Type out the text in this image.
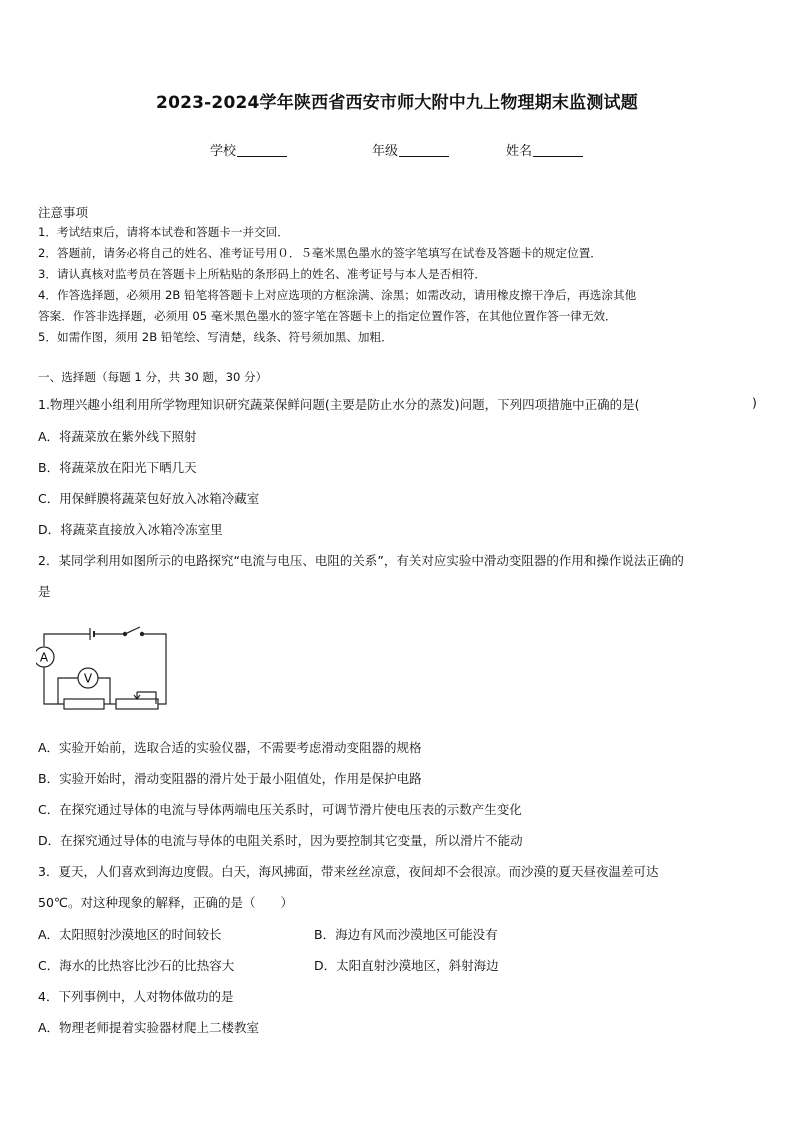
2023-2024学年陕西省西安市师大附中九上物理期末监测试题
学校	年级	姓名
注意事项
1．考试结束后，请将本试卷和答题卡一并交回．
2．答题前，请务必将自己的姓名、准考证号用０．５毫米黑色墨水的签字笔填写在试卷及答题卡的规定位置．
3．请认真核对监考员在答题卡上所粘贴的条形码上的姓名、准考证号与本人是否相符．
4．作答选择题，必须用 2B 铅笔将答题卡上对应选项的方框涂满、涂黑；如需改动，请用橡皮擦干净后，再选涂其他
答案．作答非选择题，必须用 05 毫米黑色墨水的签字笔在答题卡上的指定位置作答，在其他位置作答一律无效．
5．如需作图，须用 2B 铅笔绘、写清楚，线条、符号须加黑、加粗．
一、选择题（每题 1 分，共 30 题，30 分）
1.物理兴趣小组利用所学物理知识研究蔬菜保鲜问题(主要是防止水分的蒸发)问题，下列四项措施中正确的是(	)
A．将蔬菜放在紫外线下照射
B．将蔬菜放在阳光下晒几天
C．用保鲜膜将蔬菜包好放入冰箱冷藏室
D．将蔬菜直接放入冰箱冷冻室里
2．某同学利用如图所示的电路探究“电流与电压、电阻的关系”，有关对应实验中滑动变阻器的作用和操作说法正确的
是
A
V
A．实验开始前，选取合适的实验仪器，不需要考虑滑动变阻器的规格
B．实验开始时，滑动变阻器的滑片处于最小阻值处，作用是保护电路
C．在探究通过导体的电流与导体两端电压关系时，可调节滑片使电压表的示数产生变化
D．在探究通过导体的电流与导体的电阻关系时，因为要控制其它变量，所以滑片不能动
3．夏天，人们喜欢到海边度假。白天，海风拂面，带来丝丝凉意，夜间却不会很凉。而沙漠的夏天昼夜温差可达
50℃。对这种现象的解释，正确的是（　　）
A．太阳照射沙漠地区的时间较长	B．海边有风而沙漠地区可能没有
C．海水的比热容比沙石的比热容大	D．太阳直射沙漠地区，斜射海边
4．下列事例中，人对物体做功的是
A．物理老师提着实验器材爬上二楼教室
